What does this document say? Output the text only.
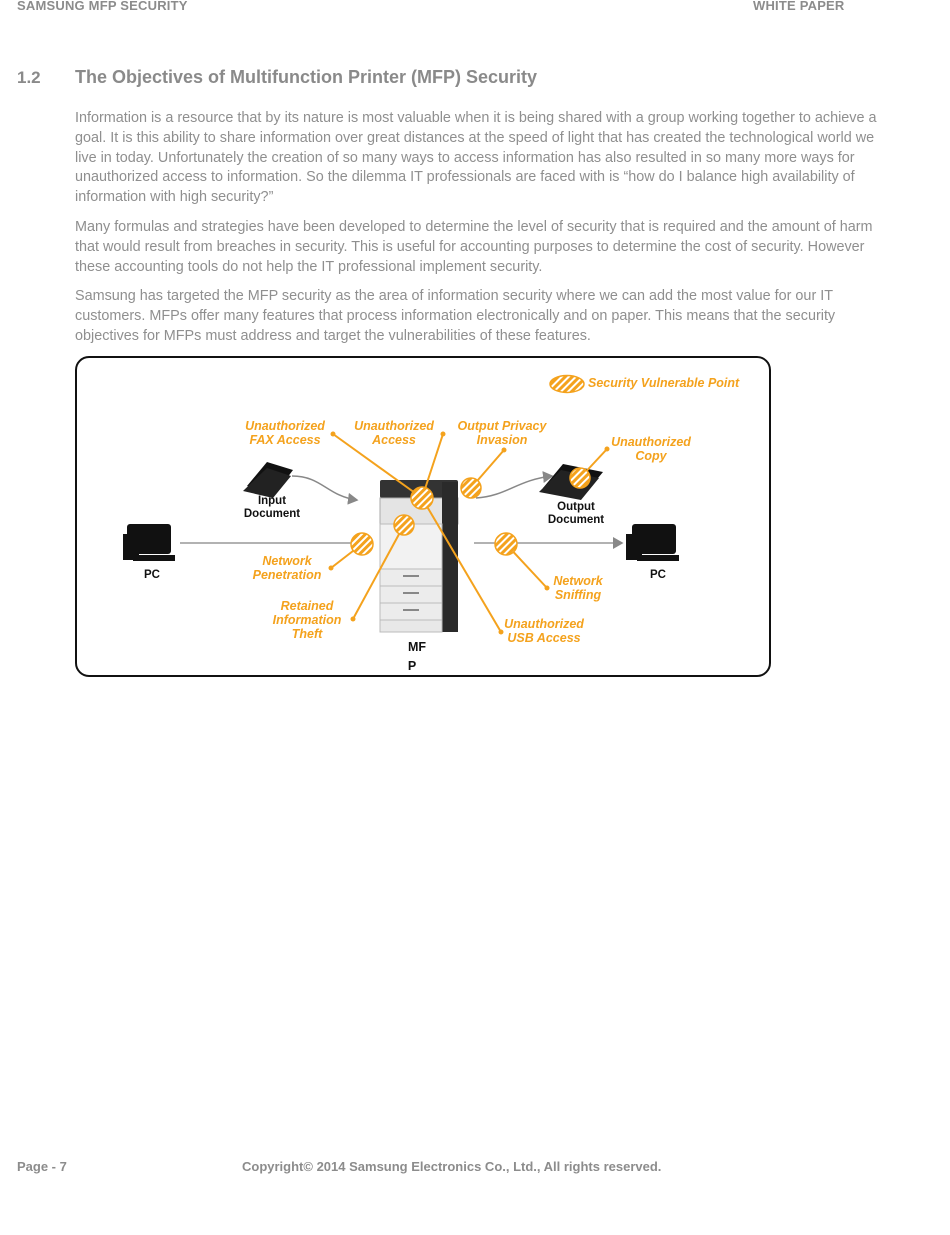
SAMSUNG MFP SECURITY	WHITE PAPER
1.2 The Objectives of Multifunction Printer (MFP) Security

Information is a resource that by its nature is most valuable when it is being shared with a group working together to achieve a goal. It is this ability to share information over great distances at the speed of light that has created the technological world we live in today. Unfortunately the creation of so many ways to access information has also resulted in so many more ways for unauthorized access to information. So the dilemma IT professionals are faced with is “how do I balance high availability of information with high security?”

Many formulas and strategies have been developed to determine the level of security that is required and the amount of harm that would result from breaches in security. This is useful for accounting purposes to determine the cost of security. However these accounting tools do not help the IT professional implement security.

Samsung has targeted the MFP security as the area of information security where we can add the most value for our IT customers. MFPs offer many features that process information electronically and on paper. This means that the security objectives for MFPs must address and target the vulnerabilities of these features.

Security Vulnerable Point
Unauthorized
FAX Access
Unauthorized
Access
Output Privacy
Invasion	Unauthorized
Copy
Network
Penetration
Retained
Information
Theft
Network
Sniffing
Unauthorized
USB Access
Input
Document
Output
Document
PC	PC
MF
P
Page - 7	Copyright© 2014 Samsung Electronics Co., Ltd., All rights reserved.
